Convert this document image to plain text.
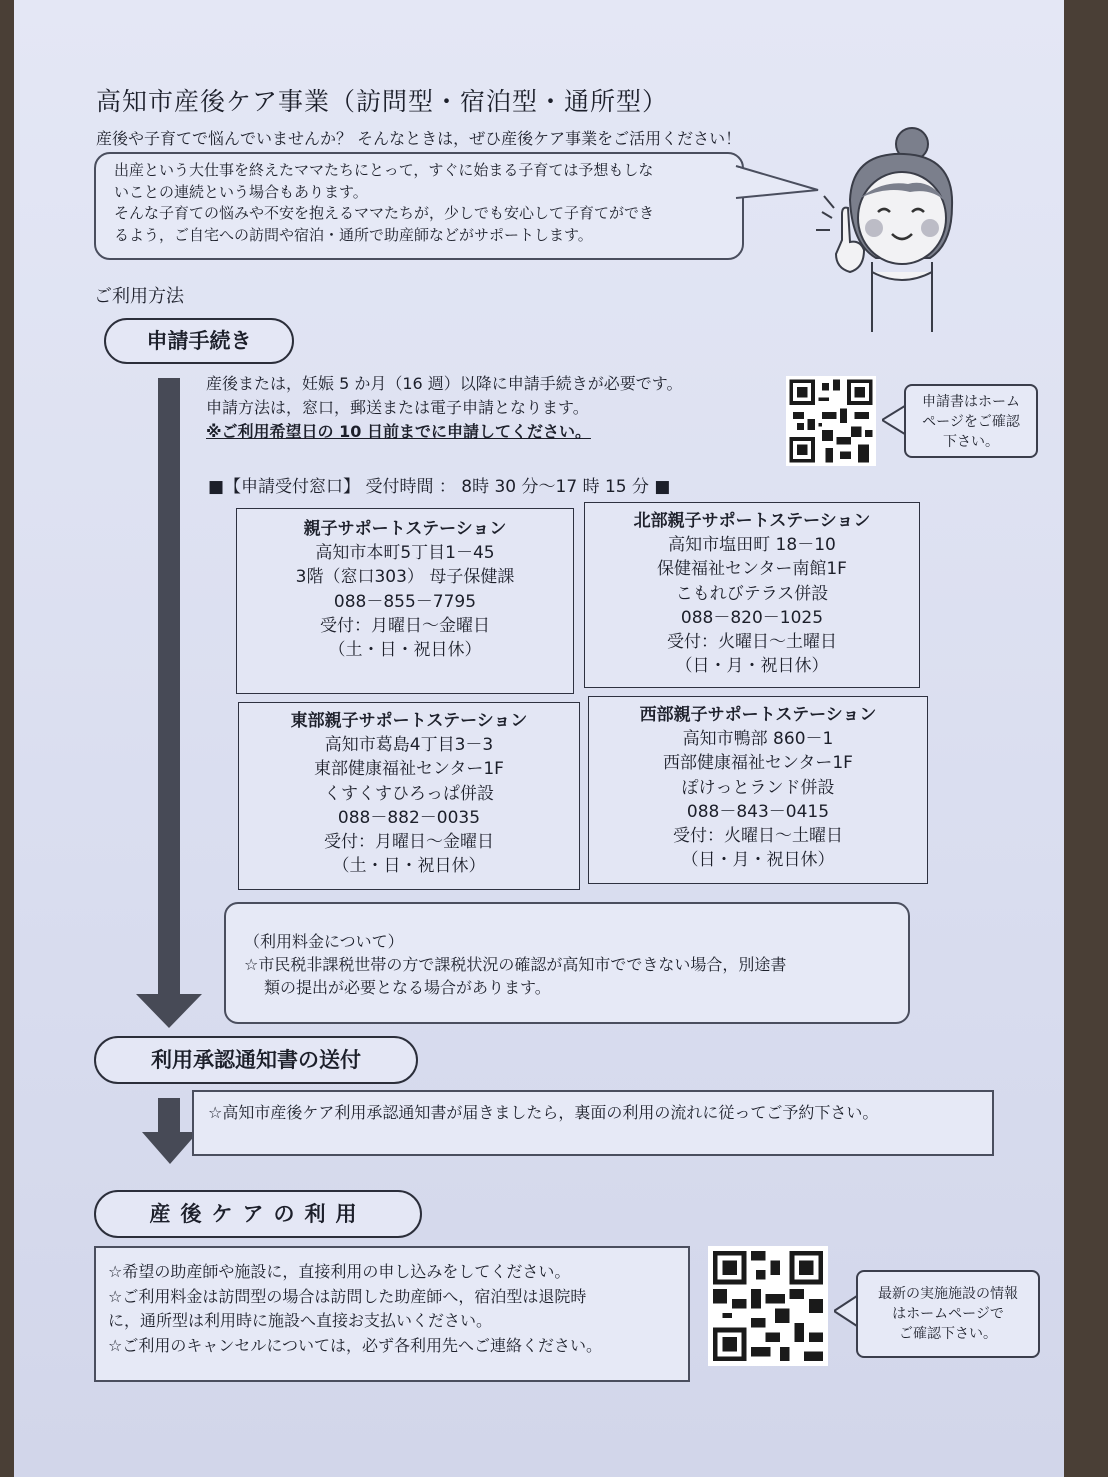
高知市産後ケア事業（訪問型・宿泊型・通所型）
産後や子育てで悩んでいませんか？ そんなときは，ぜひ産後ケア事業をご活用ください！
出産という大仕事を終えたママたちにとって，すぐに始まる子育ては予想もしな
いことの連続という場合もあります。
そんな子育ての悩みや不安を抱えるママたちが，少しでも安心して子育てができ
るよう，ご自宅への訪問や宿泊・通所で助産師などがサポートします。
ご利用方法
申請手続き
産後または，妊娠 5 か月（16 週）以降に申請手続きが必要です。
申請方法は，窓口，郵送または電子申請となります。
※ご利用希望日の 10 日前までに申請してください。
申請書はホーム
ページをご確認
下さい。
■【申請受付窓口】 受付時間 ： 8時 30 分～17 時 15 分 ■
親子サポートステーション
高知市本町5丁目1－45
3階（窓口303） 母子保健課
088－855－7795
受付：月曜日～金曜日
（土・日・祝日休）
北部親子サポートステーション
高知市塩田町 18－10
保健福祉センター南館1F
こもれびテラス併設
088－820－1025
受付：火曜日～土曜日
（日・月・祝日休）
東部親子サポートステーション
高知市葛島4丁目3－3
東部健康福祉センター1F
くすくすひろっぱ併設
088－882－0035
受付：月曜日～金曜日
（土・日・祝日休）
西部親子サポートステーション
高知市鴨部 860－1
西部健康福祉センター1F
ぽけっとランド併設
088－843－0415
受付：火曜日～土曜日
（日・月・祝日休）
（利用料金について）
☆市民税非課税世帯の方で課税状況の確認が高知市でできない場合，別途書
類の提出が必要となる場合があります。
利用承認通知書の送付
☆高知市産後ケア利用承認通知書が届きましたら，裏面の利用の流れに従ってご予約下さい。
産後ケアの利用
☆希望の助産師や施設に，直接利用の申し込みをしてください。
☆ご利用料金は訪問型の場合は訪問した助産師へ，宿泊型は退院時
に，通所型は利用時に施設へ直接お支払いください。
☆ご利用のキャンセルについては，必ず各利用先へご連絡ください。
最新の実施施設の情報
はホームページで
ご確認下さい。
